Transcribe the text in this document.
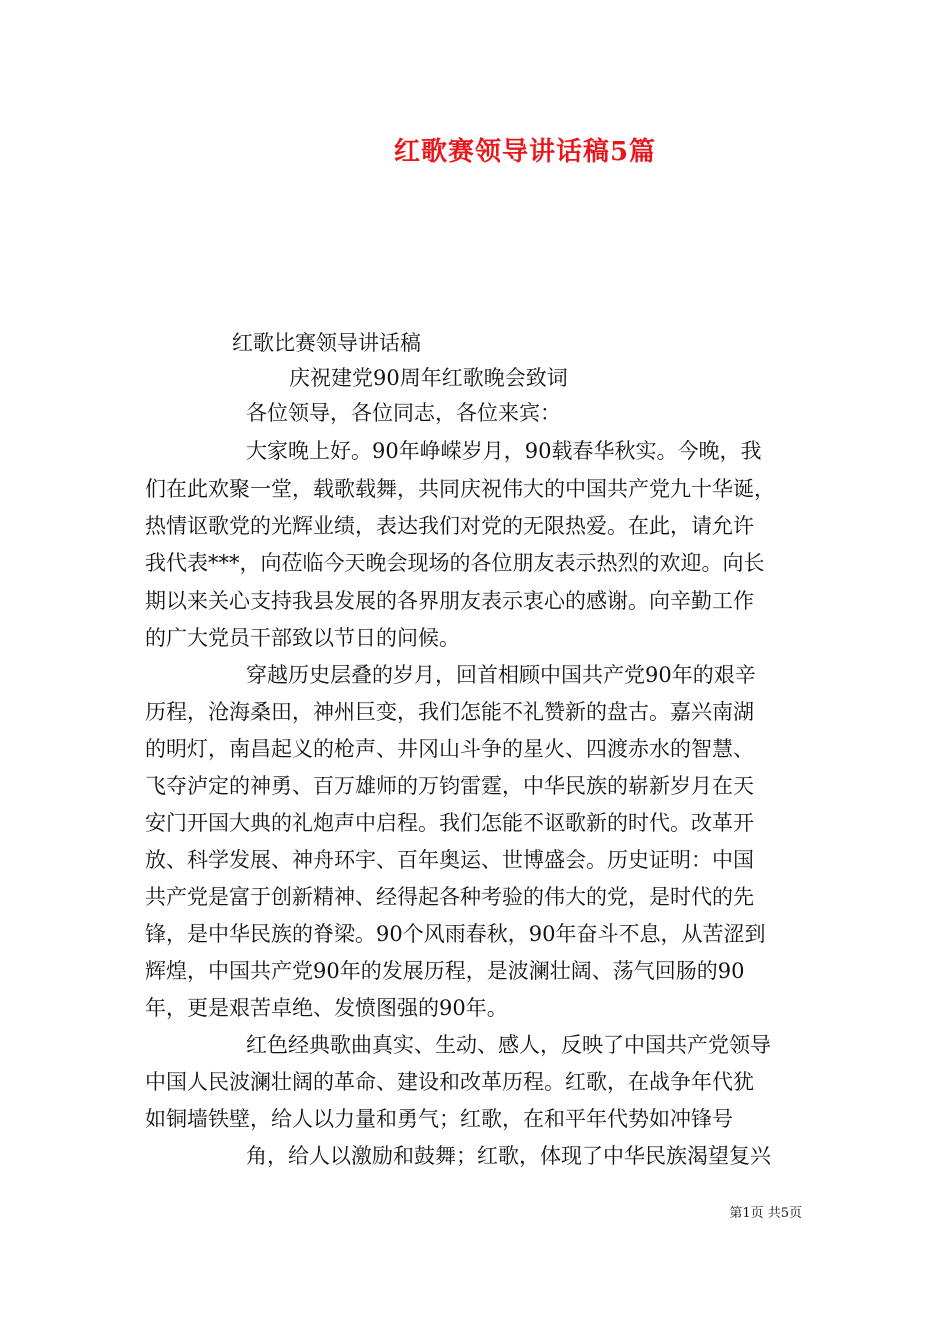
红歌赛领导讲话稿5篇
红歌比赛领导讲话稿
庆祝建党90周年红歌晚会致词
各位领导，各位同志，各位来宾：
大家晚上好。90年峥嵘岁月，90载春华秋实。今晚，我
们在此欢聚一堂，载歌载舞，共同庆祝伟大的中国共产党九十华诞，
热情讴歌党的光辉业绩，表达我们对党的无限热爱。在此，请允许
我代表***，向莅临今天晚会现场的各位朋友表示热烈的欢迎。向长
期以来关心支持我县发展的各界朋友表示衷心的感谢。向辛勤工作
的广大党员干部致以节日的问候。
穿越历史层叠的岁月，回首相顾中国共产党90年的艰辛
历程，沧海桑田，神州巨变，我们怎能不礼赞新的盘古。嘉兴南湖
的明灯，南昌起义的枪声、井冈山斗争的星火、四渡赤水的智慧、
飞夺泸定的神勇、百万雄师的万钧雷霆，中华民族的崭新岁月在天
安门开国大典的礼炮声中启程。我们怎能不讴歌新的时代。改革开
放、科学发展、神舟环宇、百年奥运、世博盛会。历史证明：中国
共产党是富于创新精神、经得起各种考验的伟大的党，是时代的先
锋，是中华民族的脊梁。90个风雨春秋，90年奋斗不息，从苦涩到
辉煌，中国共产党90年的发展历程，是波澜壮阔、荡气回肠的90
年，更是艰苦卓绝、发愤图强的90年。
红色经典歌曲真实、生动、感人，反映了中国共产党领导
中国人民波澜壮阔的革命、建设和改革历程。红歌，在战争年代犹
如铜墙铁壁，给人以力量和勇气；红歌，在和平年代势如冲锋号
角，给人以激励和鼓舞；红歌，体现了中华民族渴望复兴
第1页 共5页
